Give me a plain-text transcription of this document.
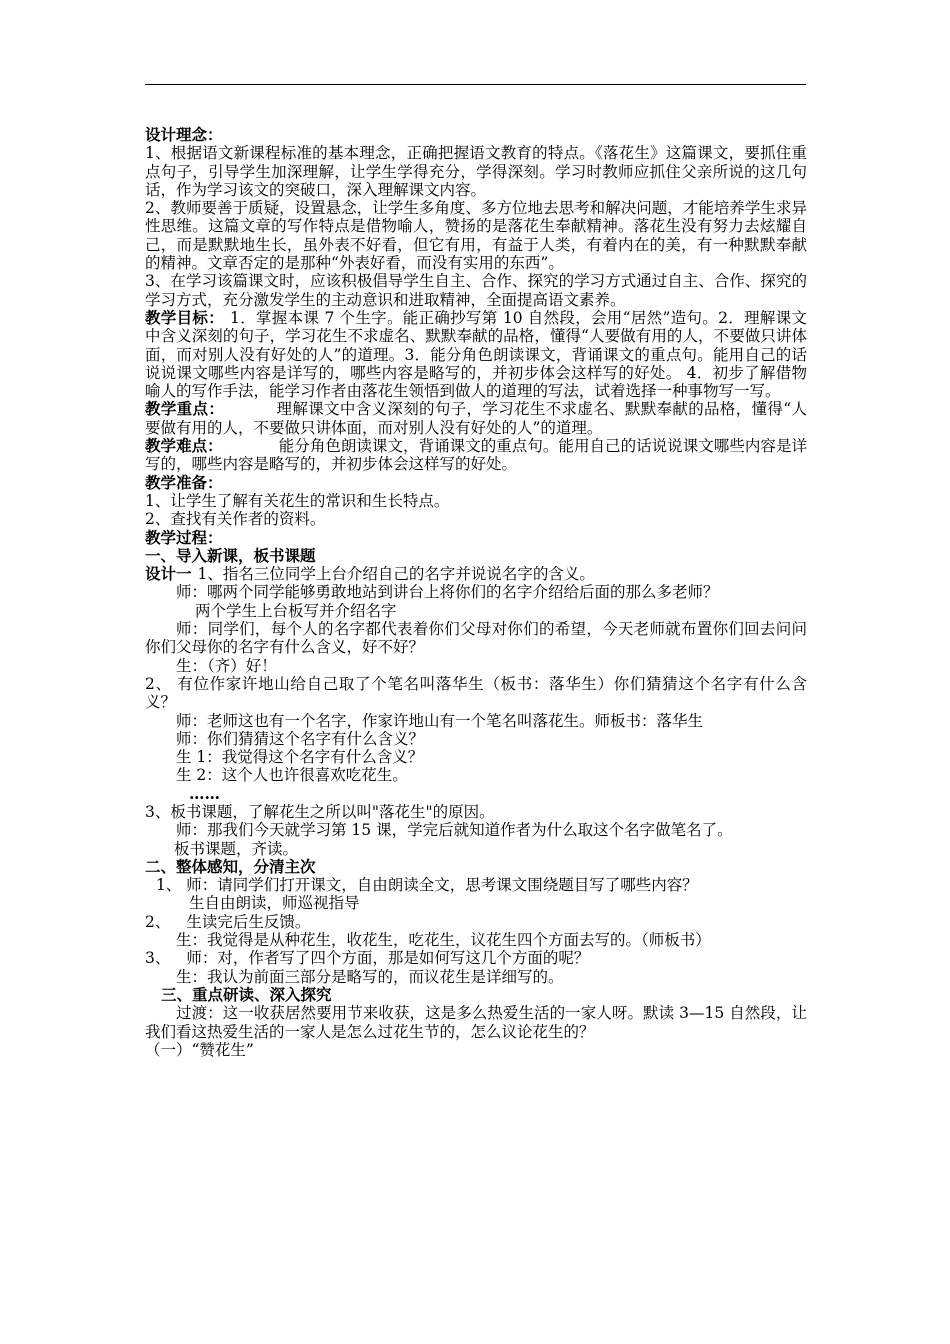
设计理念：

1、根据语文新课程标准的基本理念，正确把握语文教育的特点。《落花生》这篇课文，要抓住重点句子，引导学生加深理解，让学生学得充分，学得深刻。学习时教师应抓住父亲所说的这几句话，作为学习该文的突破口，深入理解课文内容。

2、教师要善于质疑，设置悬念，让学生多角度、多方位地去思考和解决问题，才能培养学生求异性思维。这篇文章的写作特点是借物喻人，赞扬的是落花生奉献精神。落花生没有努力去炫耀自己，而是默默地生长，虽外表不好看，但它有用，有益于人类，有着内在的美，有一种默默奉献的精神。文章否定的是那种“外表好看，而没有实用的东西”。

3、在学习该篇课文时，应该积极倡导学生自主、合作、探究的学习方式通过自主、合作、探究的学习方式，充分激发学生的主动意识和进取精神，全面提高语文素养。

教学目标： 1．掌握本课 7 个生字。能正确抄写第 10 自然段，会用“居然”造句。2．理解课文中含义深刻的句子，学习花生不求虚名、默默奉献的品格，懂得“人要做有用的人，不要做只讲体面，而对别人没有好处的人”的道理。3．能分角色朗读课文，背诵课文的重点句。能用自己的话说说课文哪些内容是详写的，哪些内容是略写的，并初步体会这样写的好处。 4．初步了解借物喻人的写作手法，能学习作者由落花生领悟到做人的道理的写法，试着选择一种事物写一写。

教学重点：	理解课文中含义深刻的句子，学习花生不求虚名、默默奉献的品格，懂得“人要做有用的人，不要做只讲体面，而对别人没有好处的人”的道理。

教学难点：	能分角色朗读课文，背诵课文的重点句。能用自己的话说说课文哪些内容是详写的，哪些内容是略写的，并初步体会这样写的好处。

教学准备：

1、让学生了解有关花生的常识和生长特点。

2、查找有关作者的资料。

教学过程：

一、导入新课，板书课题

设计一 1、指名三位同学上台介绍自己的名字并说说名字的含义。

师：哪两个同学能够勇敢地站到讲台上将你们的名字介绍给后面的那么多老师？

两个学生上台板写并介绍名字

师：同学们，每个人的名字都代表着你们父母对你们的希望，今天老师就布置你们回去问问你们父母你的名字有什么含义，好不好？

生：（齐）好！

2、 有位作家许地山给自己取了个笔名叫落华生（板书：落华生）你们猜猜这个名字有什么含义？

师：老师这也有一个名字，作家许地山有一个笔名叫落花生。师板书：落华生

师：你们猜猜这个名字有什么含义？

生 1：我觉得这个名字有什么含义？

生 2：这个人也许很喜欢吃花生。

……

3、板书课题，了解花生之所以叫"落花生"的原因。

师：那我们今天就学习第 15 课，学完后就知道作者为什么取这个名字做笔名了。

板书课题，齐读。

二、整体感知，分清主次

1、 师：请同学们打开课文，自由朗读全文，思考课文围绕题目写了哪些内容？

生自由朗读，师巡视指导

2、 生读完后生反馈。

生：我觉得是从种花生，收花生，吃花生，议花生四个方面去写的。（师板书）

3、 师：对，作者写了四个方面，那是如何写这几个方面的呢？

生：我认为前面三部分是略写的，而议花生是详细写的。

三、重点研读、深入探究

过渡：这一收获居然要用节来收获，这是多么热爱生活的一家人呀。默读 3—15 自然段，让我们看这热爱生活的一家人是怎么过花生节的，怎么议论花生的？

（一）“赞花生”
